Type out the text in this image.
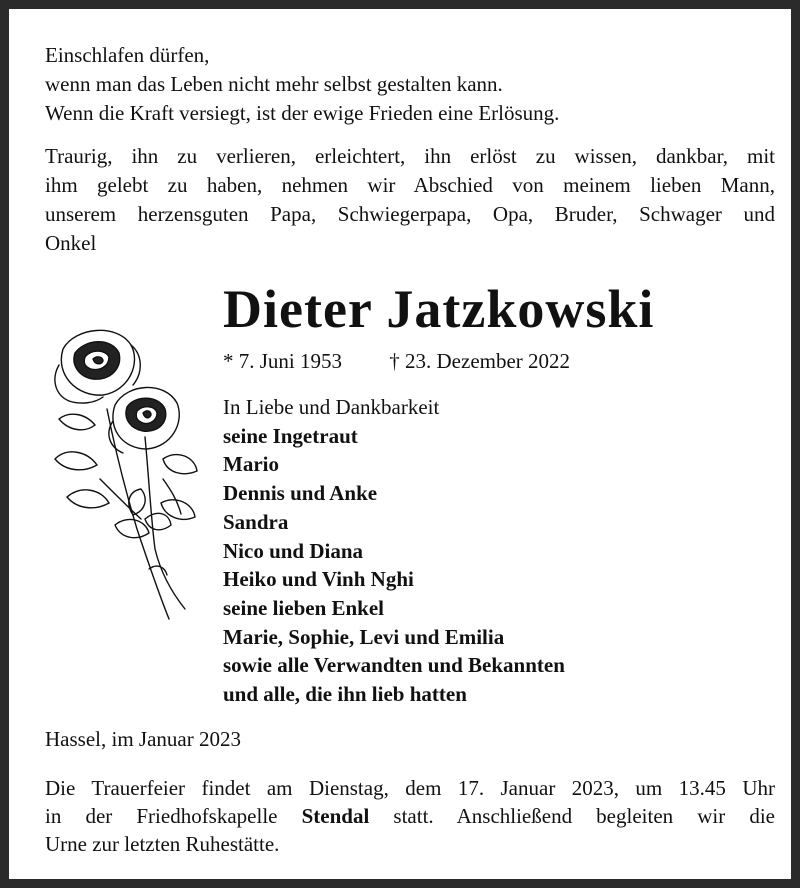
Einschlafen dürfen,
wenn man das Leben nicht mehr selbst gestalten kann.
Wenn die Kraft versiegt, ist der ewige Frieden eine Erlösung.
Traurig, ihn zu verlieren, erleichtert, ihn erlöst zu wissen, dankbar, mit
ihm gelebt zu haben, nehmen wir Abschied von meinem lieben Mann,
unserem herzensguten Papa, Schwiegerpapa, Opa, Bruder, Schwager und
Onkel
Dieter Jatzkowski
* 7. Juni 1953 † 23. Dezember 2022
In Liebe und Dankbarkeit
seine Ingetraut
Mario
Dennis und Anke
Sandra
Nico und Diana
Heiko und Vinh Nghi
seine lieben Enkel
Marie, Sophie, Levi und Emilia
sowie alle Verwandten und Bekannten
und alle, die ihn lieb hatten
Hassel, im Januar 2023
Die Trauerfeier findet am Dienstag, dem 17. Januar 2023, um 13.45 Uhr
in der Friedhofskapelle Stendal statt. Anschließend begleiten wir die
Urne zur letzten Ruhestätte.
